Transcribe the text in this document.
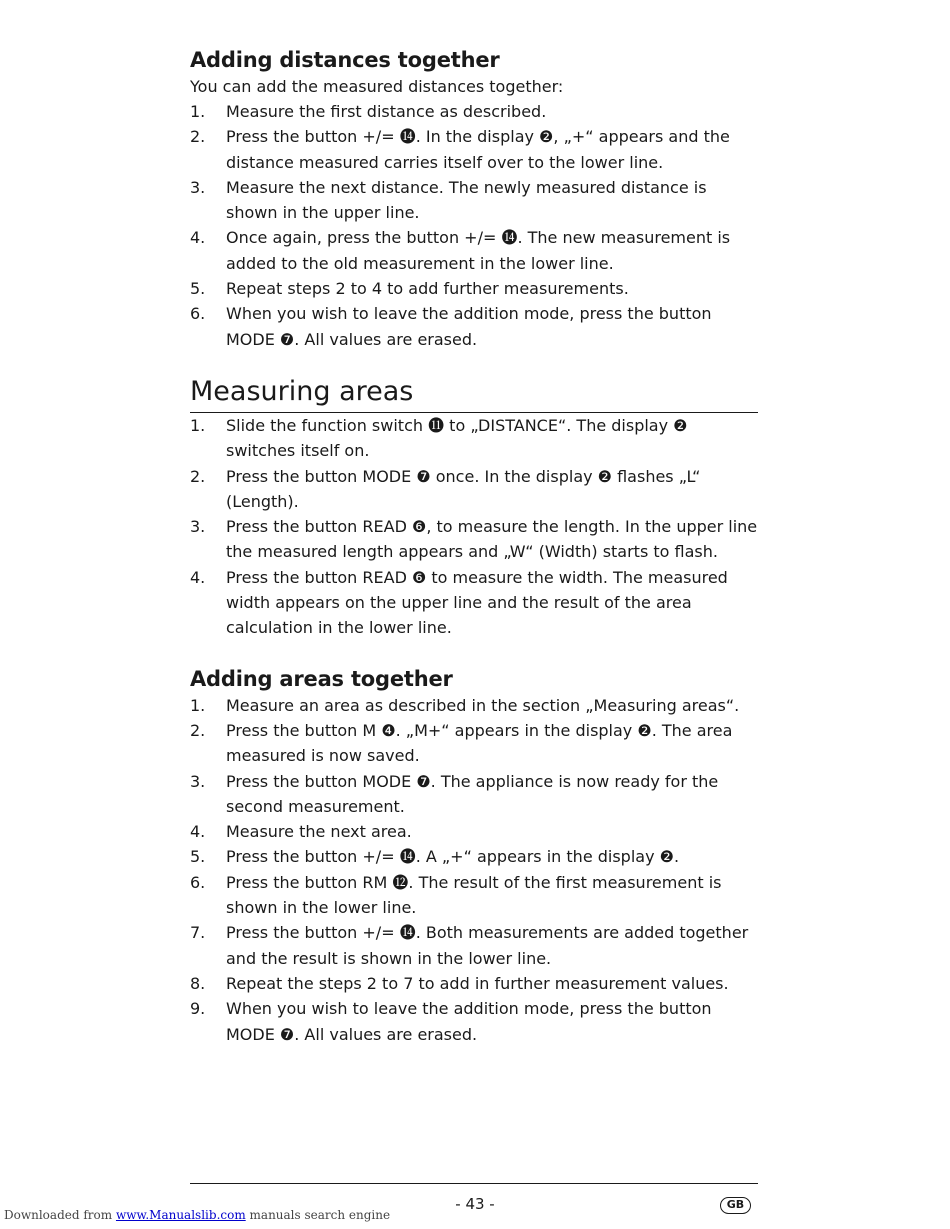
Adding distances together

You can add the measured distances together:

1.	Measure the first distance as described.
2.	Press the button +/= ⓮. In the display ❷, „+“ appears and the distance measured carries itself over to the lower line.
3.	Measure the next distance. The newly measured distance is shown in the upper line.
4.	Once again, press the button +/= ⓮. The new measurement is added to the old measurement in the lower line.
5.	Repeat steps 2 to 4 to add further measurements.
6.	When you wish to leave the addition mode, press the button MODE ❼. All values are erased.
Measuring areas
1.	Slide the function switch ⓫ to „DISTANCE“. The display ❷ switches itself on.
2.	Press the button MODE ❼ once. In the display ❷ flashes „L“ (Length).
3.	Press the button READ ❻, to measure the length. In the upper line the measured length appears and „W“ (Width) starts to flash.
4.	Press the button READ ❻ to measure the width. The measured width appears on the upper line and the result of the area calculation in the lower line.
Adding areas together
1.	Measure an area as described in the section „Measuring areas“.
2.	Press the button M ❹. „M+“ appears in the display ❷. The area measured is now saved.
3.	Press the button MODE ❼. The appliance is now ready for the second measurement.
4.	Measure the next area.
5.	Press the button +/= ⓮. A „+“ appears in the display ❷.
6.	Press the button RM ⓬. The result of the first measurement is shown in the lower line.
7.	Press the button +/= ⓮. Both measurements are added together and the result is shown in the lower line.
8.	Repeat the steps 2 to 7 to add in further measurement values.
9.	When you wish to leave the addition mode, press the button MODE ❼. All values are erased.
- 43 -	GB
Downloaded from www.Manualslib.com manuals search engine
